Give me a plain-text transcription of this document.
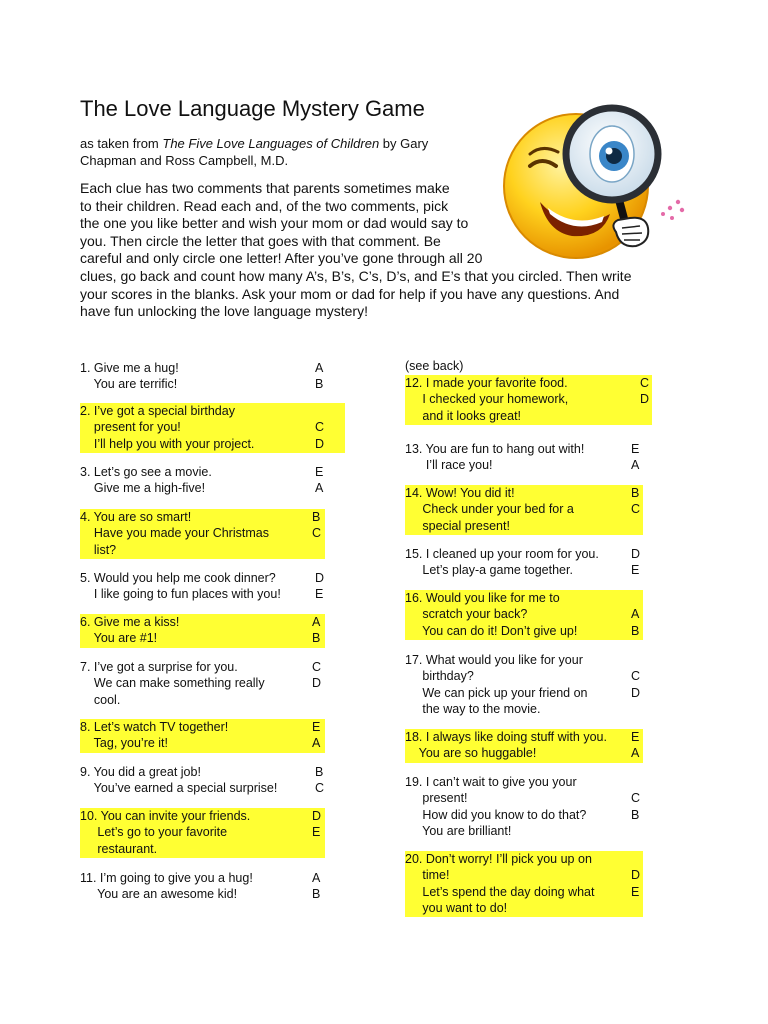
The Love Language Mystery Game
as taken from The Five Love Languages of Children by Gary
Chapman and Ross Campbell, M.D.
Each clue has two comments that parents sometimes make
to their children. Read each and, of the two comments, pick
the one you like better and wish your mom or dad would say to
you. Then circle the letter that goes with that comment. Be
careful and only circle one letter! After you’ve gone through all 20
clues, go back and count how many A’s, B’s, C’s, D’s, and E’s that you circled. Then write
your scores in the blanks. Ask your mom or dad for help if you have any questions. And
have fun unlocking the love language mystery!
1. Give me a hug!	A
You are terrific!	B
2. I’ve got a special birthday
present for you!	C
I’ll help you with your project.	D
3. Let’s go see a movie.	E
Give me a high-five!	A
4. You are so smart!	B
Have you made your Christmas	C
list?
5. Would you help me cook dinner?	D
I like going to fun places with you!	E
6. Give me a kiss!	A
You are #1!	B
7. I’ve got a surprise for you.	C
We can make something really	D
cool.
8. Let’s watch TV together!	E
Tag, you’re it!	A
9. You did a great job!	B
You’ve earned a special surprise!	C
10. You can invite your friends.	D
Let’s go to your favorite	E
restaurant.
11. I’m going to give you a hug!	A
You are an awesome kid!	B
(see back)
12. I made your favorite food.	C
I checked your homework,	D
and it looks great!
13. You are fun to hang out with!	E
I’ll race you!	A
14. Wow! You did it!	B
Check under your bed for a	C
special present!
15. I cleaned up your room for you.	D
Let’s play-a game together.	E
16. Would you like for me to
scratch your back?	A
You can do it! Don’t give up!	B
17. What would you like for your
birthday?	C
We can pick up your friend on	D
the way to the movie.
18. I always like doing stuff with you. E
You are so huggable!	A
19. I can’t wait to give you your
present!	C
How did you know to do that?	B
You are brilliant!
20. Don’t worry! I’ll pick you up on
time!	D
Let’s spend the day doing what	E
you want to do!
